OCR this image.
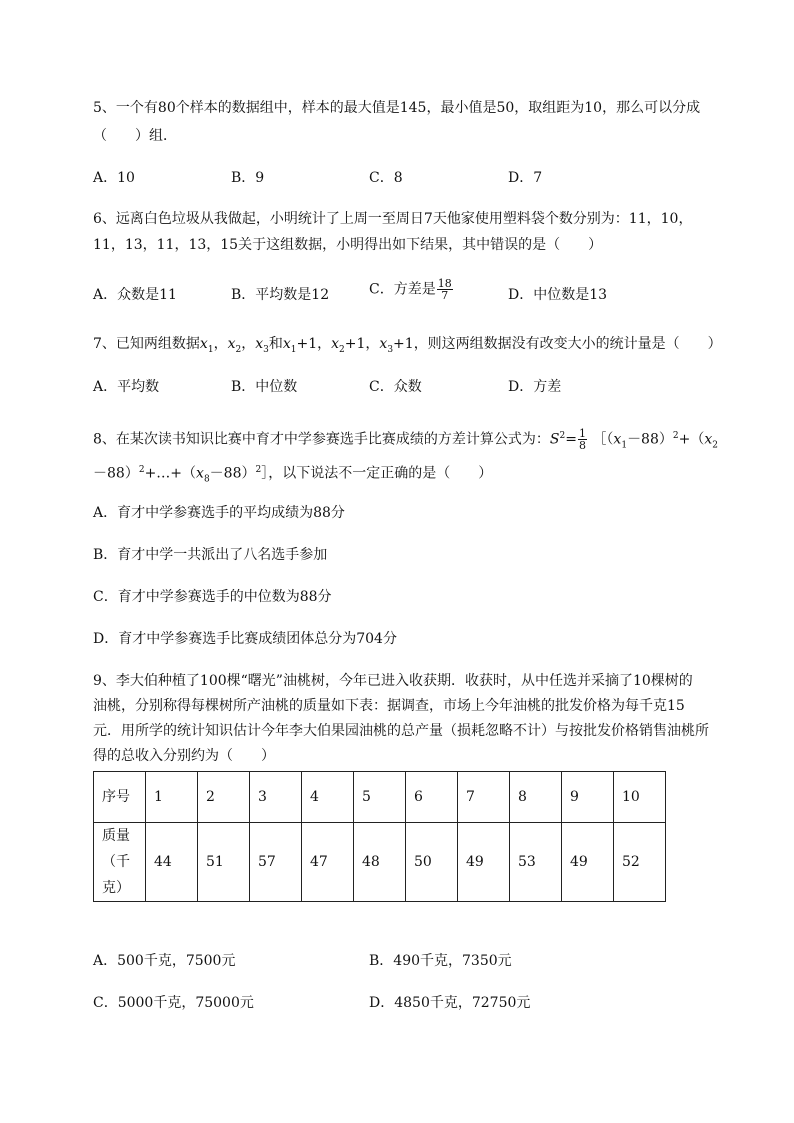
5、一个有80个样本的数据组中，样本的最大值是145，最小值是50，取组距为10，那么可以分成
（　　）组．
A．10	B．9	C．8	D．7
6、远离白色垃圾从我做起，小明统计了上周一至周日7天他家使用塑料袋个数分别为：11，10，
11，13，11，13，15关于这组数据，小明得出如下结果，其中错误的是（　　）
A．众数是11	B．平均数是12	C．方差是 $\frac{18}{7}$	D．中位数是13
7、已知两组数据$x_1$，$x_2$，$x_3$和$x_1+1$，$x_2+1$，$x_3+1$，则这两组数据没有改变大小的统计量是（　　）
A．平均数	B．中位数	C．众数	D．方差
8、在某次读书知识比赛中育才中学参赛选手比赛成绩的方差计算公式为：$S^2= \frac{1}{8}$ $[(x_1-88)^2+(x_2$
$-88)^2+\dots+(x_8-88)^2]$，以下说法不一定正确的是（　　）
A．育才中学参赛选手的平均成绩为88分
B．育才中学一共派出了八名选手参加
C．育才中学参赛选手的中位数为88分
D．育才中学参赛选手比赛成绩团体总分为704分
9、李大伯种植了100棵“曙光”油桃树，今年已进入收获期．收获时，从中任选并采摘了10棵树的
油桃，分别称得每棵树所产油桃的质量如下表：据调查，市场上今年油桃的批发价格为每千克15
元．用所学的统计知识估计今年李大伯果园油桃的总产量（损耗忽略不计）与按批发价格销售油桃所
得的总收入分别约为（　　）
序号	1	2	3	4	5	6	7	8	9	10

质量
（千
克）	44	51	57	47	48	50	49	53	49	52
A．500千克，7500元	B．490千克，7350元
C．5000千克，75000元	D．4850千克，72750元
